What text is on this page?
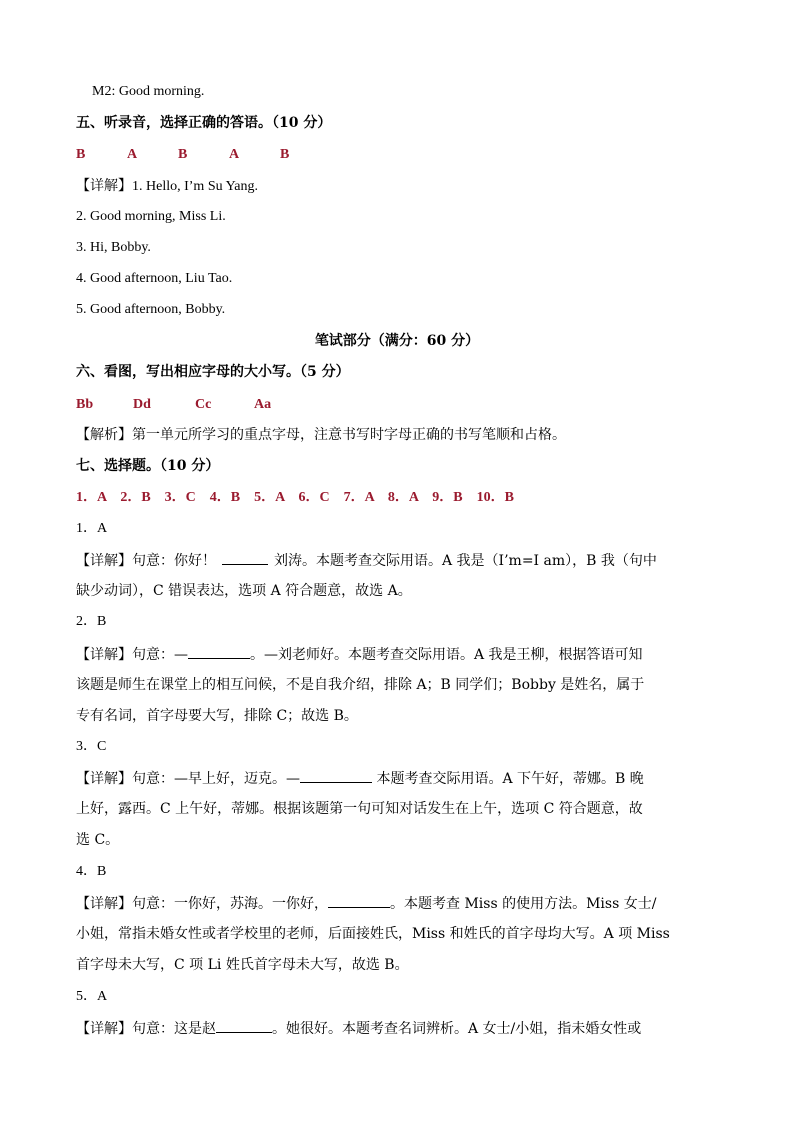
M2: Good morning.
五、听录音，选择正确的答语。（10 分）
B	A	B	A	B
【详解】1. Hello, I’m Su Yang.
2. Good morning, Miss Li.
3. Hi, Bobby.
4. Good afternoon, Liu Tao.
5. Good afternoon, Bobby.
笔试部分（满分：60 分）
六、看图，写出相应字母的大小写。（5 分）
Bb	Dd	Cc	Aa
【解析】第一单元所学习的重点字母，注意书写时字母正确的书写笔顺和占格。
七、选择题。（10 分）
1．A    2．B    3．C    4．B    5．A    6．C    7．A    8．A    9．B    10．B
1．A
【详解】句意：你好！	刘涛。本题考查交际用语。A 我是（I’m=I am），B 我（句中
缺少动词），C 错误表达，选项 A 符合题意，故选 A。
2．B
【详解】句意：—	。—刘老师好。本题考查交际用语。A 我是王柳，根据答语可知
该题是师生在课堂上的相互问候，不是自我介绍，排除 A；B 同学们；Bobby 是姓名，属于
专有名词，首字母要大写，排除 C；故选 B。
3．C
【详解】句意：—早上好，迈克。—	本题考查交际用语。A 下午好，蒂娜。B 晚
上好，露西。C 上午好，蒂娜。根据该题第一句可知对话发生在上午，选项 C 符合题意，故
选 C。
4．B
【详解】句意：一你好，苏海。一你好，	。本题考查 Miss 的使用方法。Miss 女士/
小姐，常指未婚女性或者学校里的老师，后面接姓氏，Miss 和姓氏的首字母均大写。A 项 Miss
首字母未大写，C 项 Li 姓氏首字母未大写，故选 B。
5．A
【详解】句意：这是赵	。她很好。本题考查名词辨析。A 女士/小姐，指未婚女性或
